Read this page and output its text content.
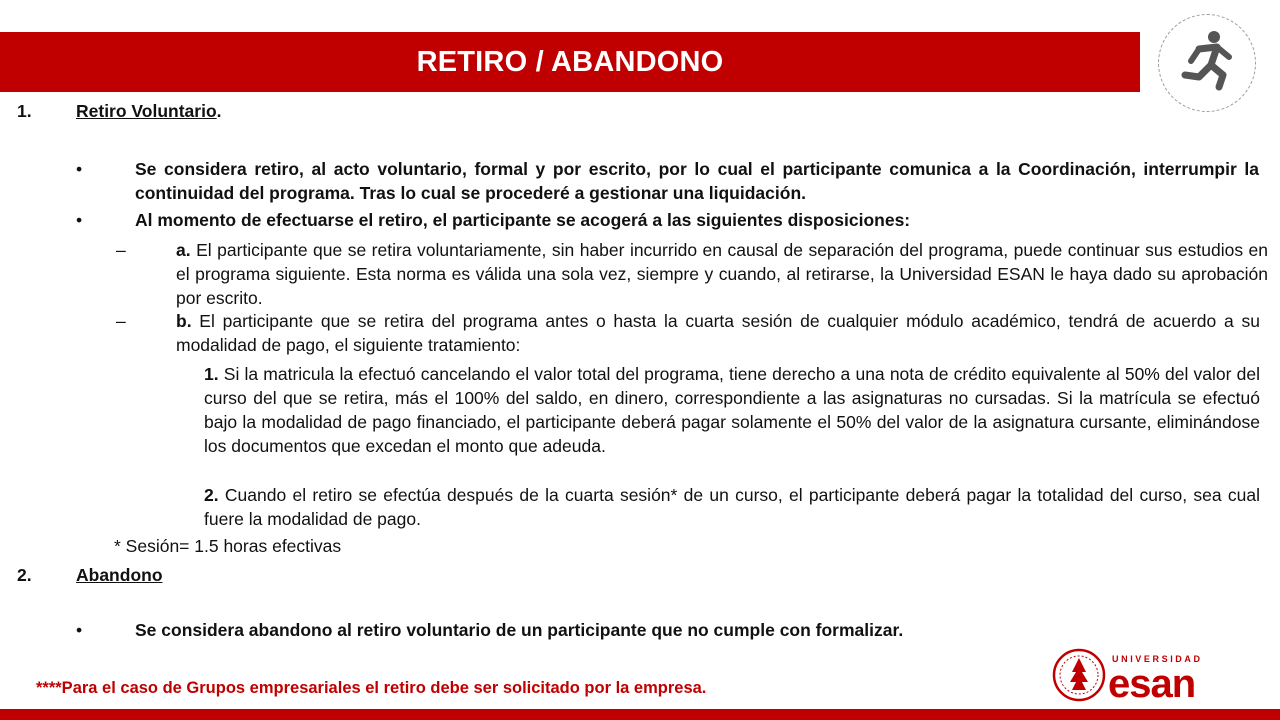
RETIRO / ABANDONO
1.	Retiro Voluntario.
•	Se considera retiro, al acto voluntario, formal y por escrito, por lo cual el participante comunica a la Coordinación, interrumpir la continuidad del programa. Tras lo cual se procederé a gestionar una liquidación.
•	Al momento de efectuarse el retiro, el participante se acogerá a las siguientes disposiciones:
–	a. El participante que se retira voluntariamente, sin haber incurrido en causal de separación del programa, puede continuar sus estudios en el programa siguiente. Esta norma es válida una sola vez, siempre y cuando, al retirarse, la Universidad ESAN le haya dado su aprobación por escrito.
–	b. El participante que se retira del programa antes o hasta la cuarta sesión de cualquier módulo académico, tendrá de acuerdo a su modalidad de pago, el siguiente tratamiento:
1. Si la matricula la efectuó cancelando el valor total del programa, tiene derecho a una nota de crédito equivalente al 50% del valor del curso del que se retira, más el 100% del saldo, en dinero, correspondiente a las asignaturas no cursadas. Si la matrícula se efectuó bajo la modalidad de pago financiado, el participante deberá pagar solamente el 50% del valor de la asignatura cursante, eliminándose los documentos que excedan el monto que adeuda.
2. Cuando el retiro se efectúa después de la cuarta sesión* de un curso, el participante deberá pagar la totalidad del curso, sea cual fuere la modalidad de pago.
* Sesión= 1.5 horas efectivas
2.	Abandono
•	Se considera abandono al retiro voluntario de un participante que no cumple con formalizar.
****Para el caso de Grupos empresariales el retiro debe ser solicitado por la empresa.
UNIVERSIDAD
esan
